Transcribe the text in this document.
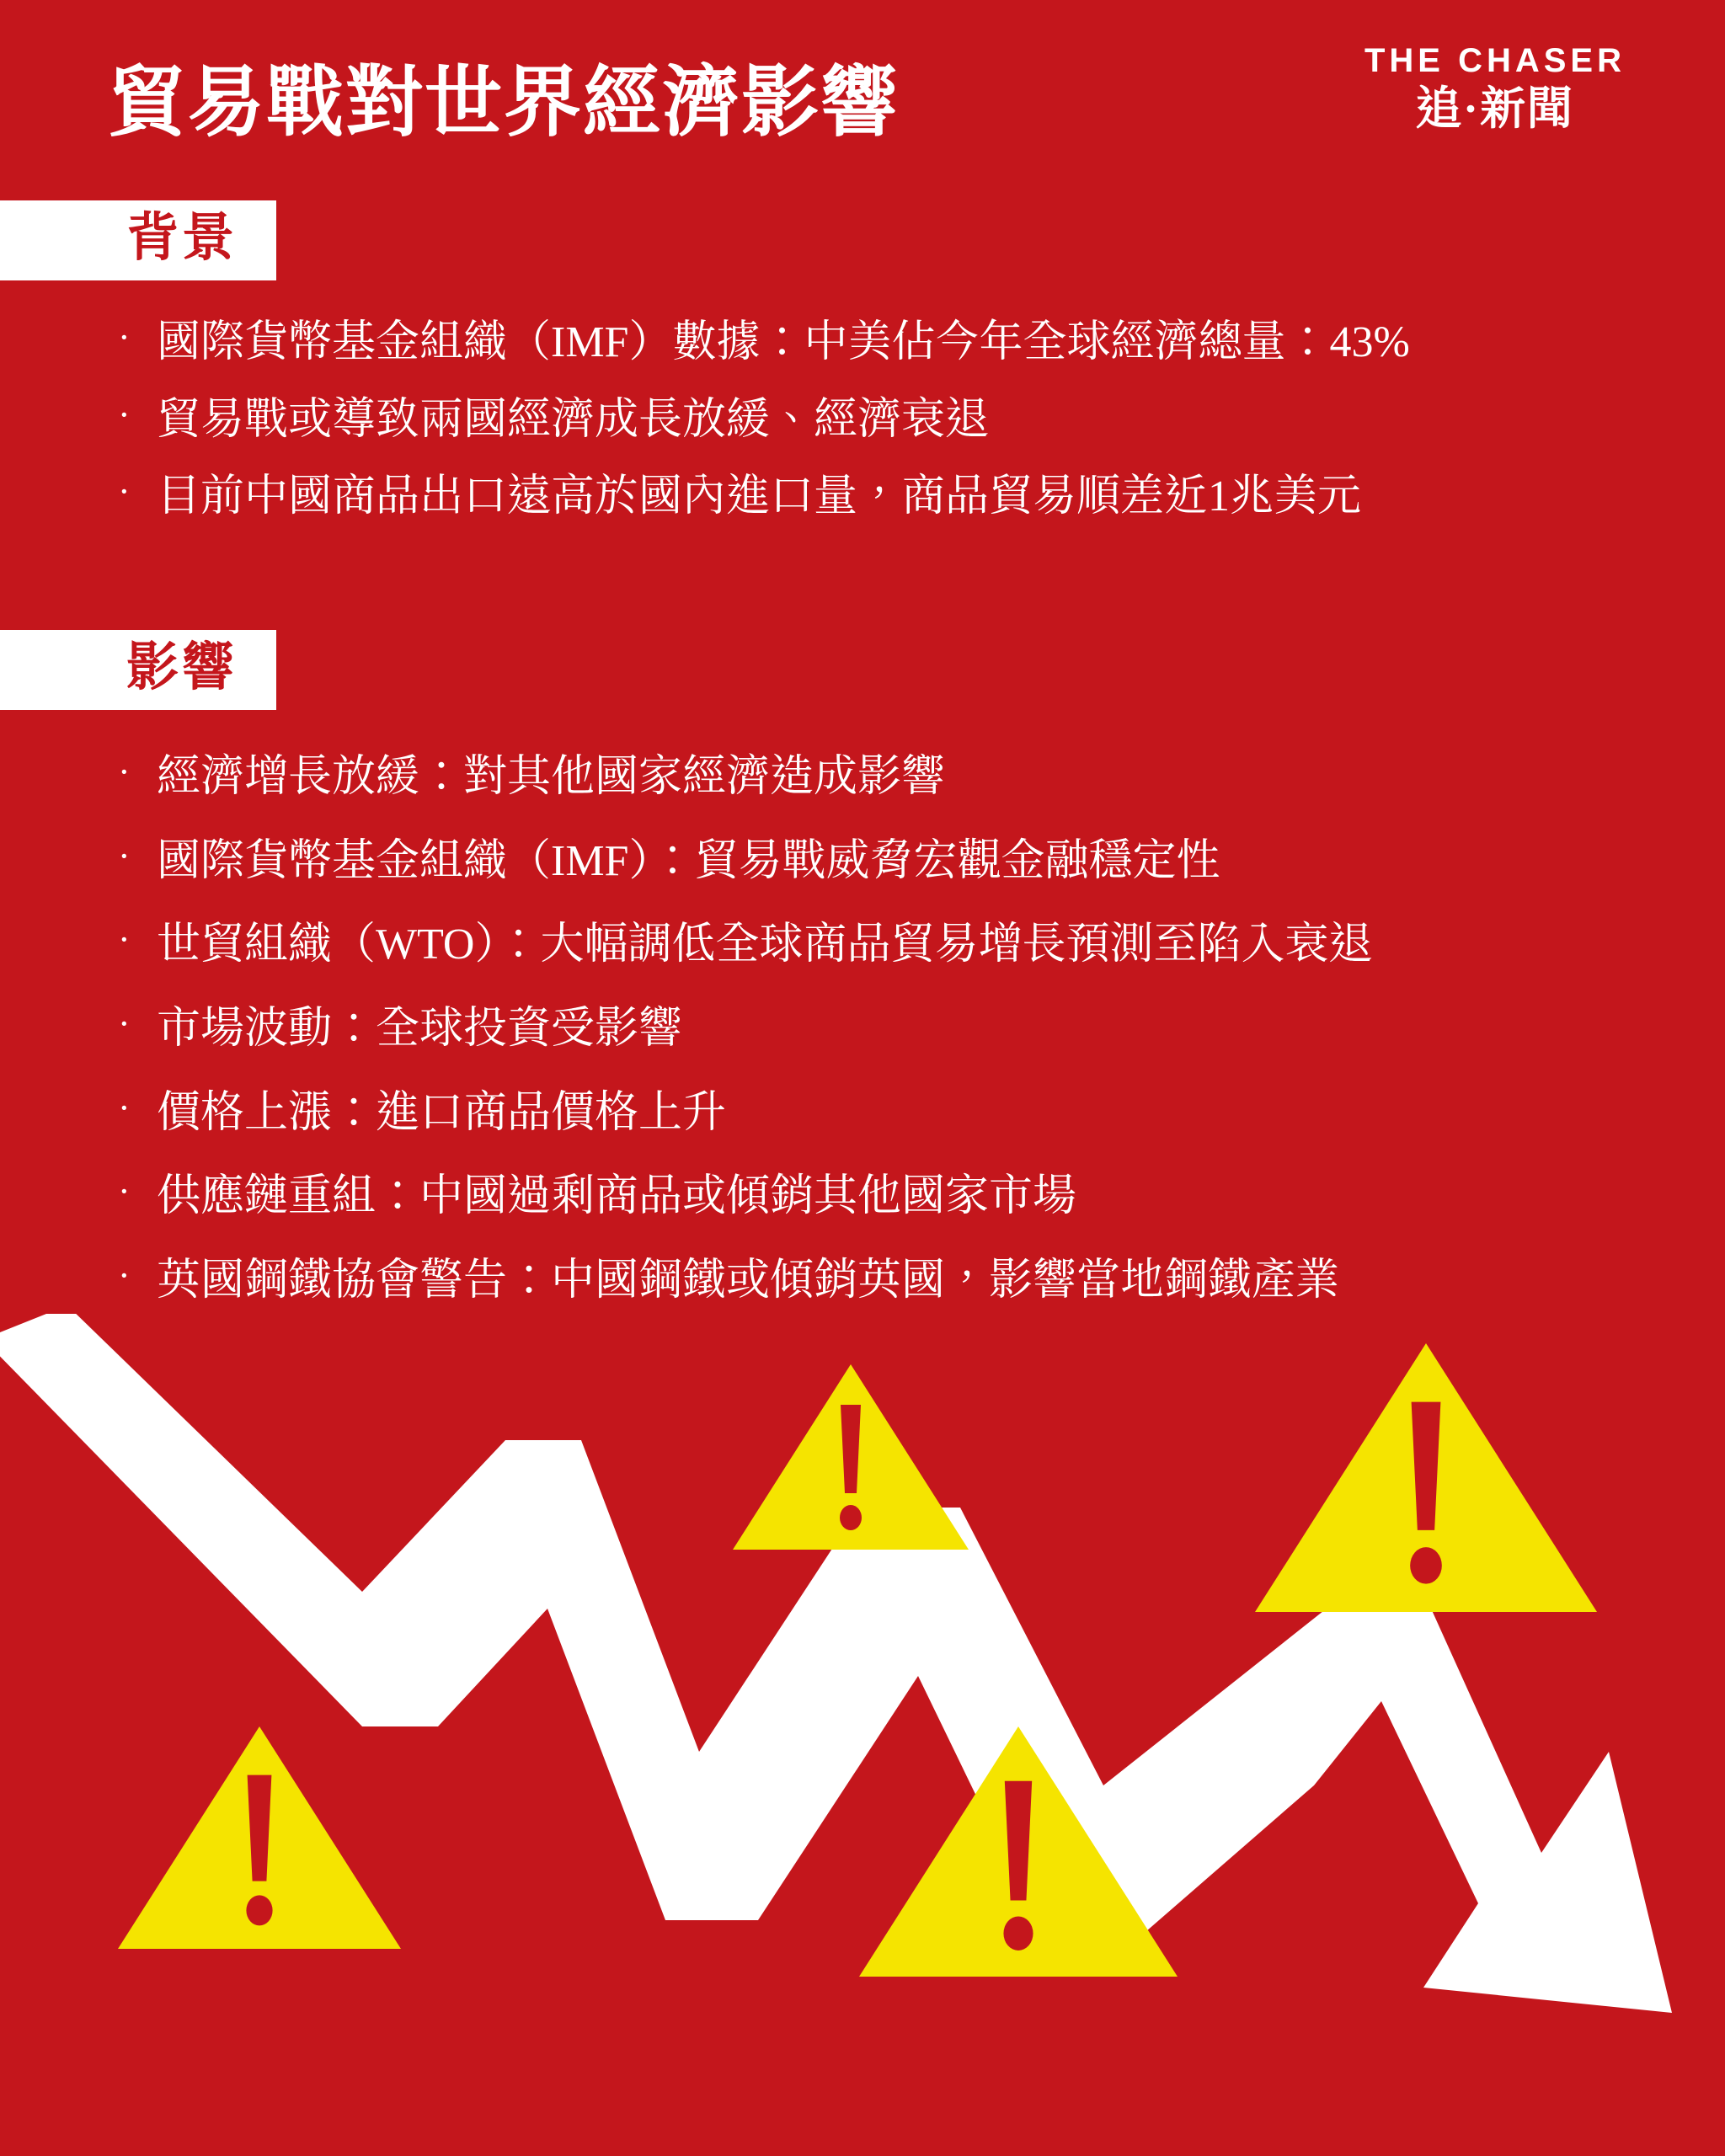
貿易戰對世界經濟影響	THE CHASER
追·新聞
背景
· 國際貨幣基金組織（IMF）數據：中美佔今年全球經濟總量：43%
· 貿易戰或導致兩國經濟成長放緩、經濟衰退
· 目前中國商品出口遠高於國內進口量，商品貿易順差近1兆美元
影響
· 經濟增長放緩：對其他國家經濟造成影響
· 國際貨幣基金組織（IMF）：貿易戰威脅宏觀金融穩定性
· 世貿組織（WTO）：大幅調低全球商品貿易增長預測至陷入衰退
· 市場波動：全球投資受影響
· 價格上漲：進口商品價格上升
· 供應鏈重組：中國過剩商品或傾銷其他國家市場
· 英國鋼鐵協會警告：中國鋼鐵或傾銷英國，影響當地鋼鐵產業
